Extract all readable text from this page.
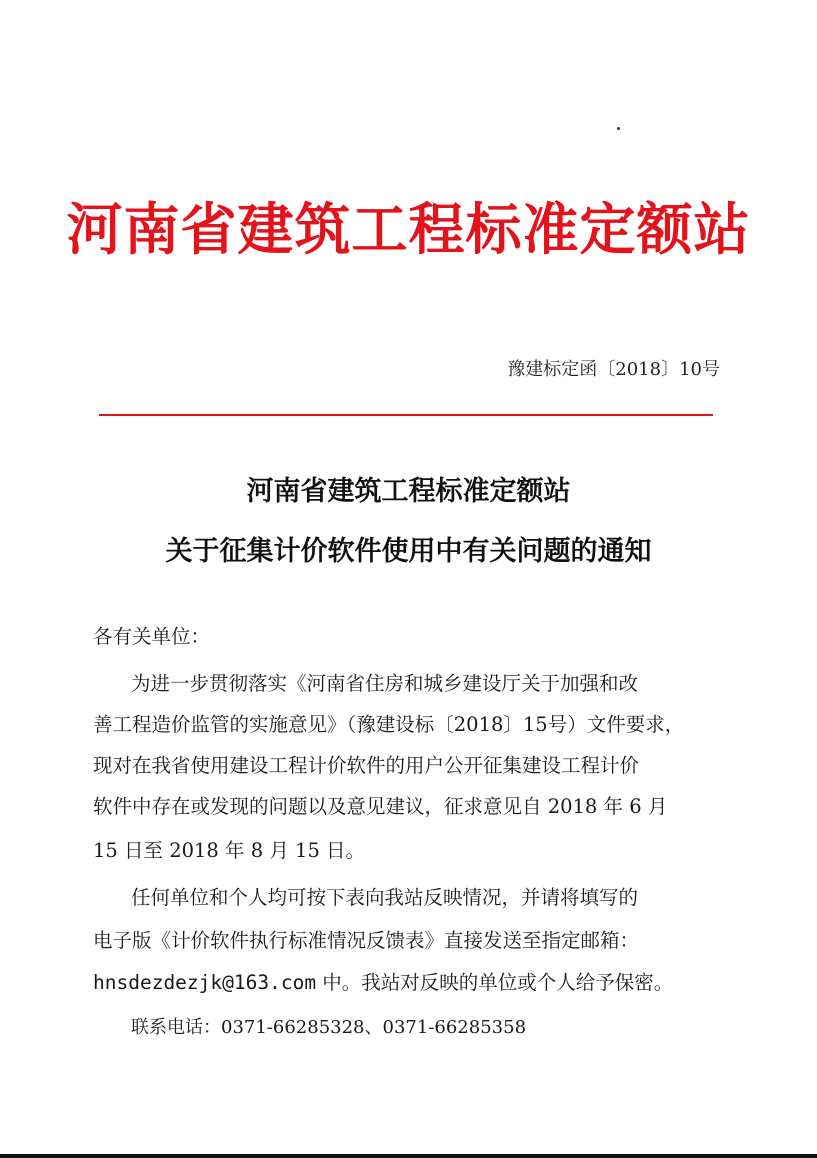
河南省建筑工程标准定额站
豫建标定函〔2018〕10号
河南省建筑工程标准定额站
关于征集计价软件使用中有关问题的通知
各有关单位：
为进一步贯彻落实《河南省住房和城乡建设厅关于加强和改
善工程造价监管的实施意见》（豫建设标〔2018〕15号）文件要求，
现对在我省使用建设工程计价软件的用户公开征集建设工程计价
软件中存在或发现的问题以及意见建议，征求意见自 2018 年 6 月
15 日至 2018 年 8 月 15 日。
任何单位和个人均可按下表向我站反映情况，并请将填写的
电子版《计价软件执行标准情况反馈表》直接发送至指定邮箱：
hnsdezdezjk@163.com 中。我站对反映的单位或个人给予保密。
联系电话：0371-66285328、0371-66285358
